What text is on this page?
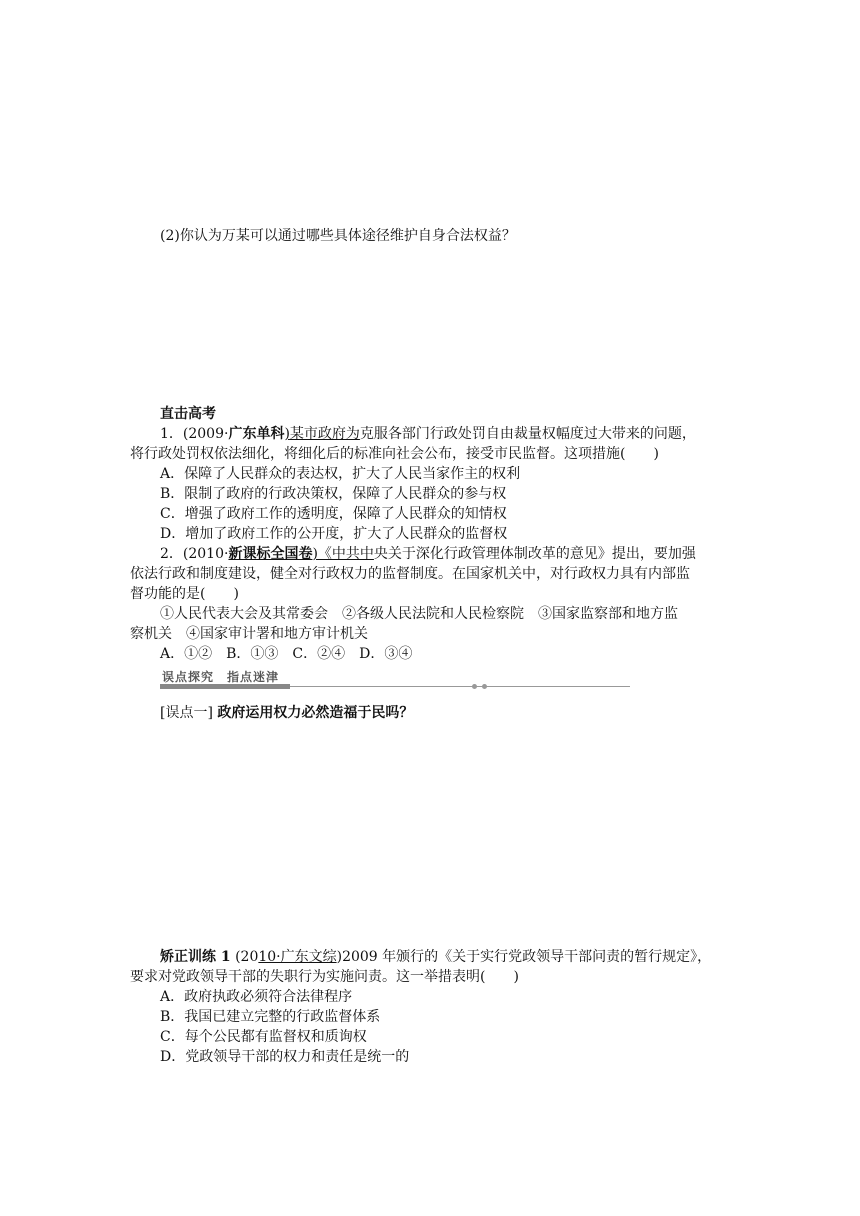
(2)你认为万某可以通过哪些具体途径维护自身合法权益？
直击高考
1．(2009·广东单科)某市政府为克服各部门行政处罚自由裁量权幅度过大带来的问题，
将行政处罚权依法细化，将细化后的标准向社会公布，接受市民监督。这项措施(　　)
A．保障了人民群众的表达权，扩大了人民当家作主的权利
B．限制了政府的行政决策权，保障了人民群众的参与权
C．增强了政府工作的透明度，保障了人民群众的知情权
D．增加了政府工作的公开度，扩大了人民群众的监督权
2．(2010·新课标全国卷)《中共中央关于深化行政管理体制改革的意见》提出，要加强
依法行政和制度建设，健全对行政权力的监督制度。在国家机关中，对行政权力具有内部监
督功能的是(　　)
①人民代表大会及其常委会　②各级人民法院和人民检察院　③国家监察部和地方监
察机关　④国家审计署和地方审计机关
A．①②　B．①③　C．②④　D．③④
误点探究　指点迷津
[误点一] 政府运用权力必然造福于民吗？
矫正训练 1 (2010·广东文综)2009 年颁行的《关于实行党政领导干部问责的暂行规定》，
要求对党政领导干部的失职行为实施问责。这一举措表明(　　)
A．政府执政必须符合法律程序
B．我国已建立完整的行政监督体系
C．每个公民都有监督权和质询权
D．党政领导干部的权力和责任是统一的
